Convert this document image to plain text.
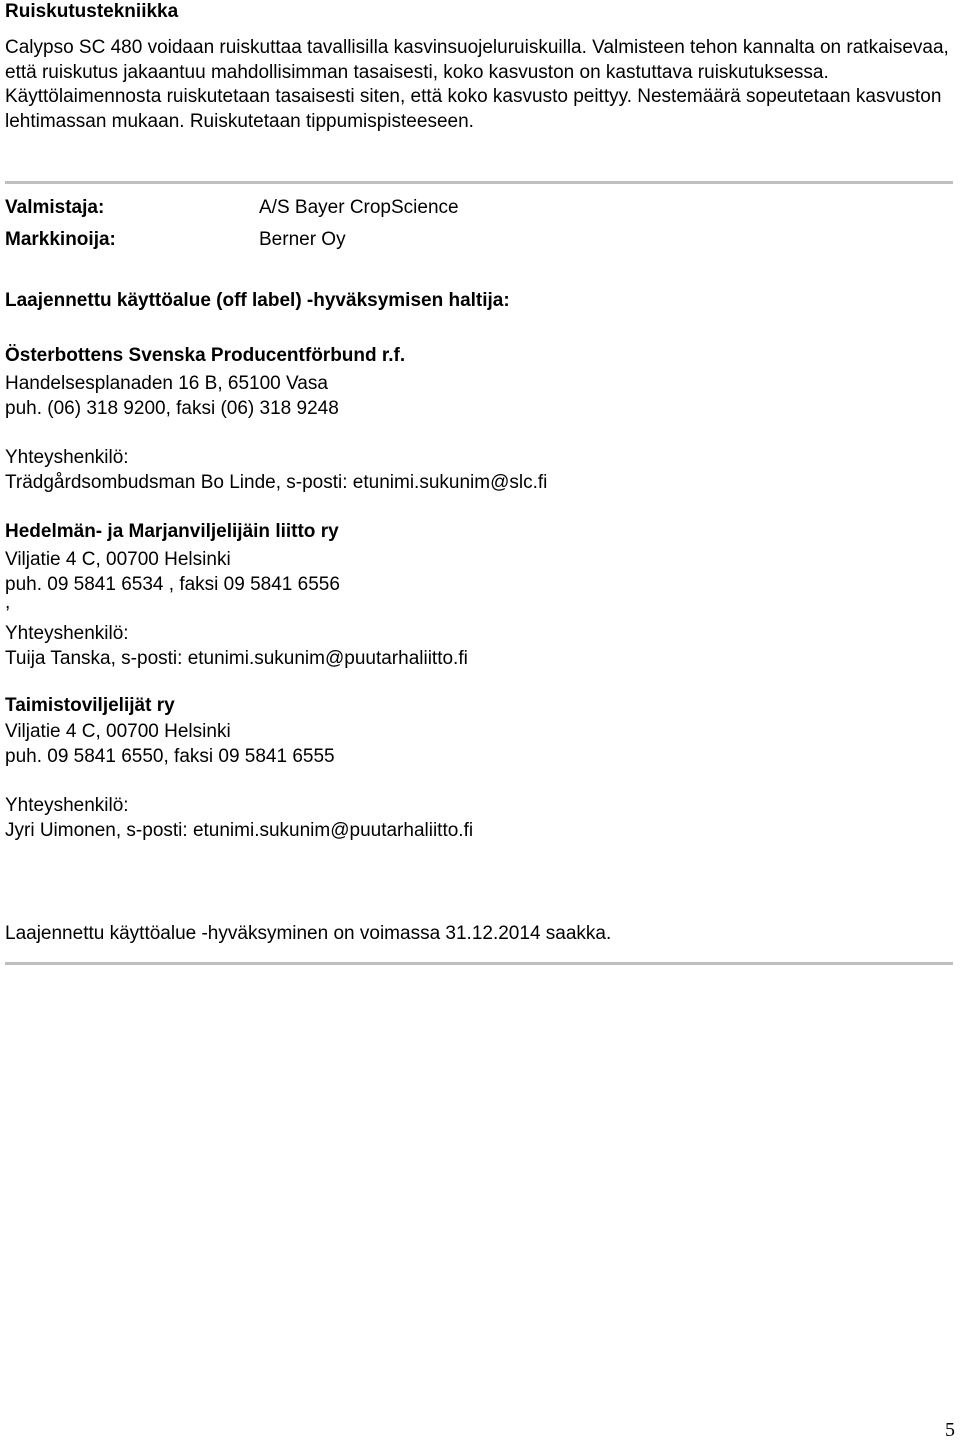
Ruiskutustekniikka
Calypso SC 480 voidaan ruiskuttaa tavallisilla kasvinsuojeluruiskuilla. Valmisteen tehon kannalta on ratkaisevaa, että ruiskutus jakaantuu mahdollisimman tasaisesti, koko kasvuston on kastuttava ruiskutuksessa. Käyttölaimennosta ruiskutetaan tasaisesti siten, että koko kasvusto peittyy. Nestemäärä sopeutetaan kasvuston lehtimassan mukaan. Ruiskutetaan tippumispisteeseen.
Valmistaja:	A/S Bayer CropScience
Markkinoija:	Berner Oy
Laajennettu käyttöalue (off label) -hyväksymisen haltija:
Österbottens Svenska Producentförbund r.f.
Handelsesplanaden 16 B, 65100 Vasa
puh. (06) 318 9200, faksi (06) 318 9248
Yhteyshenkilö:
Trädgårdsombudsman Bo Linde, s-posti: etunimi.sukunim@slc.fi
Hedelmän- ja Marjanviljelijäin liitto ry
Viljatie 4 C, 00700 Helsinki
puh. 09 5841 6534 , faksi 09 5841 6556
,
Yhteyshenkilö:
Tuija Tanska, s-posti: etunimi.sukunim@puutarhaliitto.fi
Taimistoviljelijät ry
Viljatie 4 C, 00700 Helsinki
puh. 09 5841 6550, faksi 09 5841 6555
Yhteyshenkilö:
Jyri Uimonen, s-posti: etunimi.sukunim@puutarhaliitto.fi
Laajennettu käyttöalue -hyväksyminen on voimassa 31.12.2014 saakka.
5
